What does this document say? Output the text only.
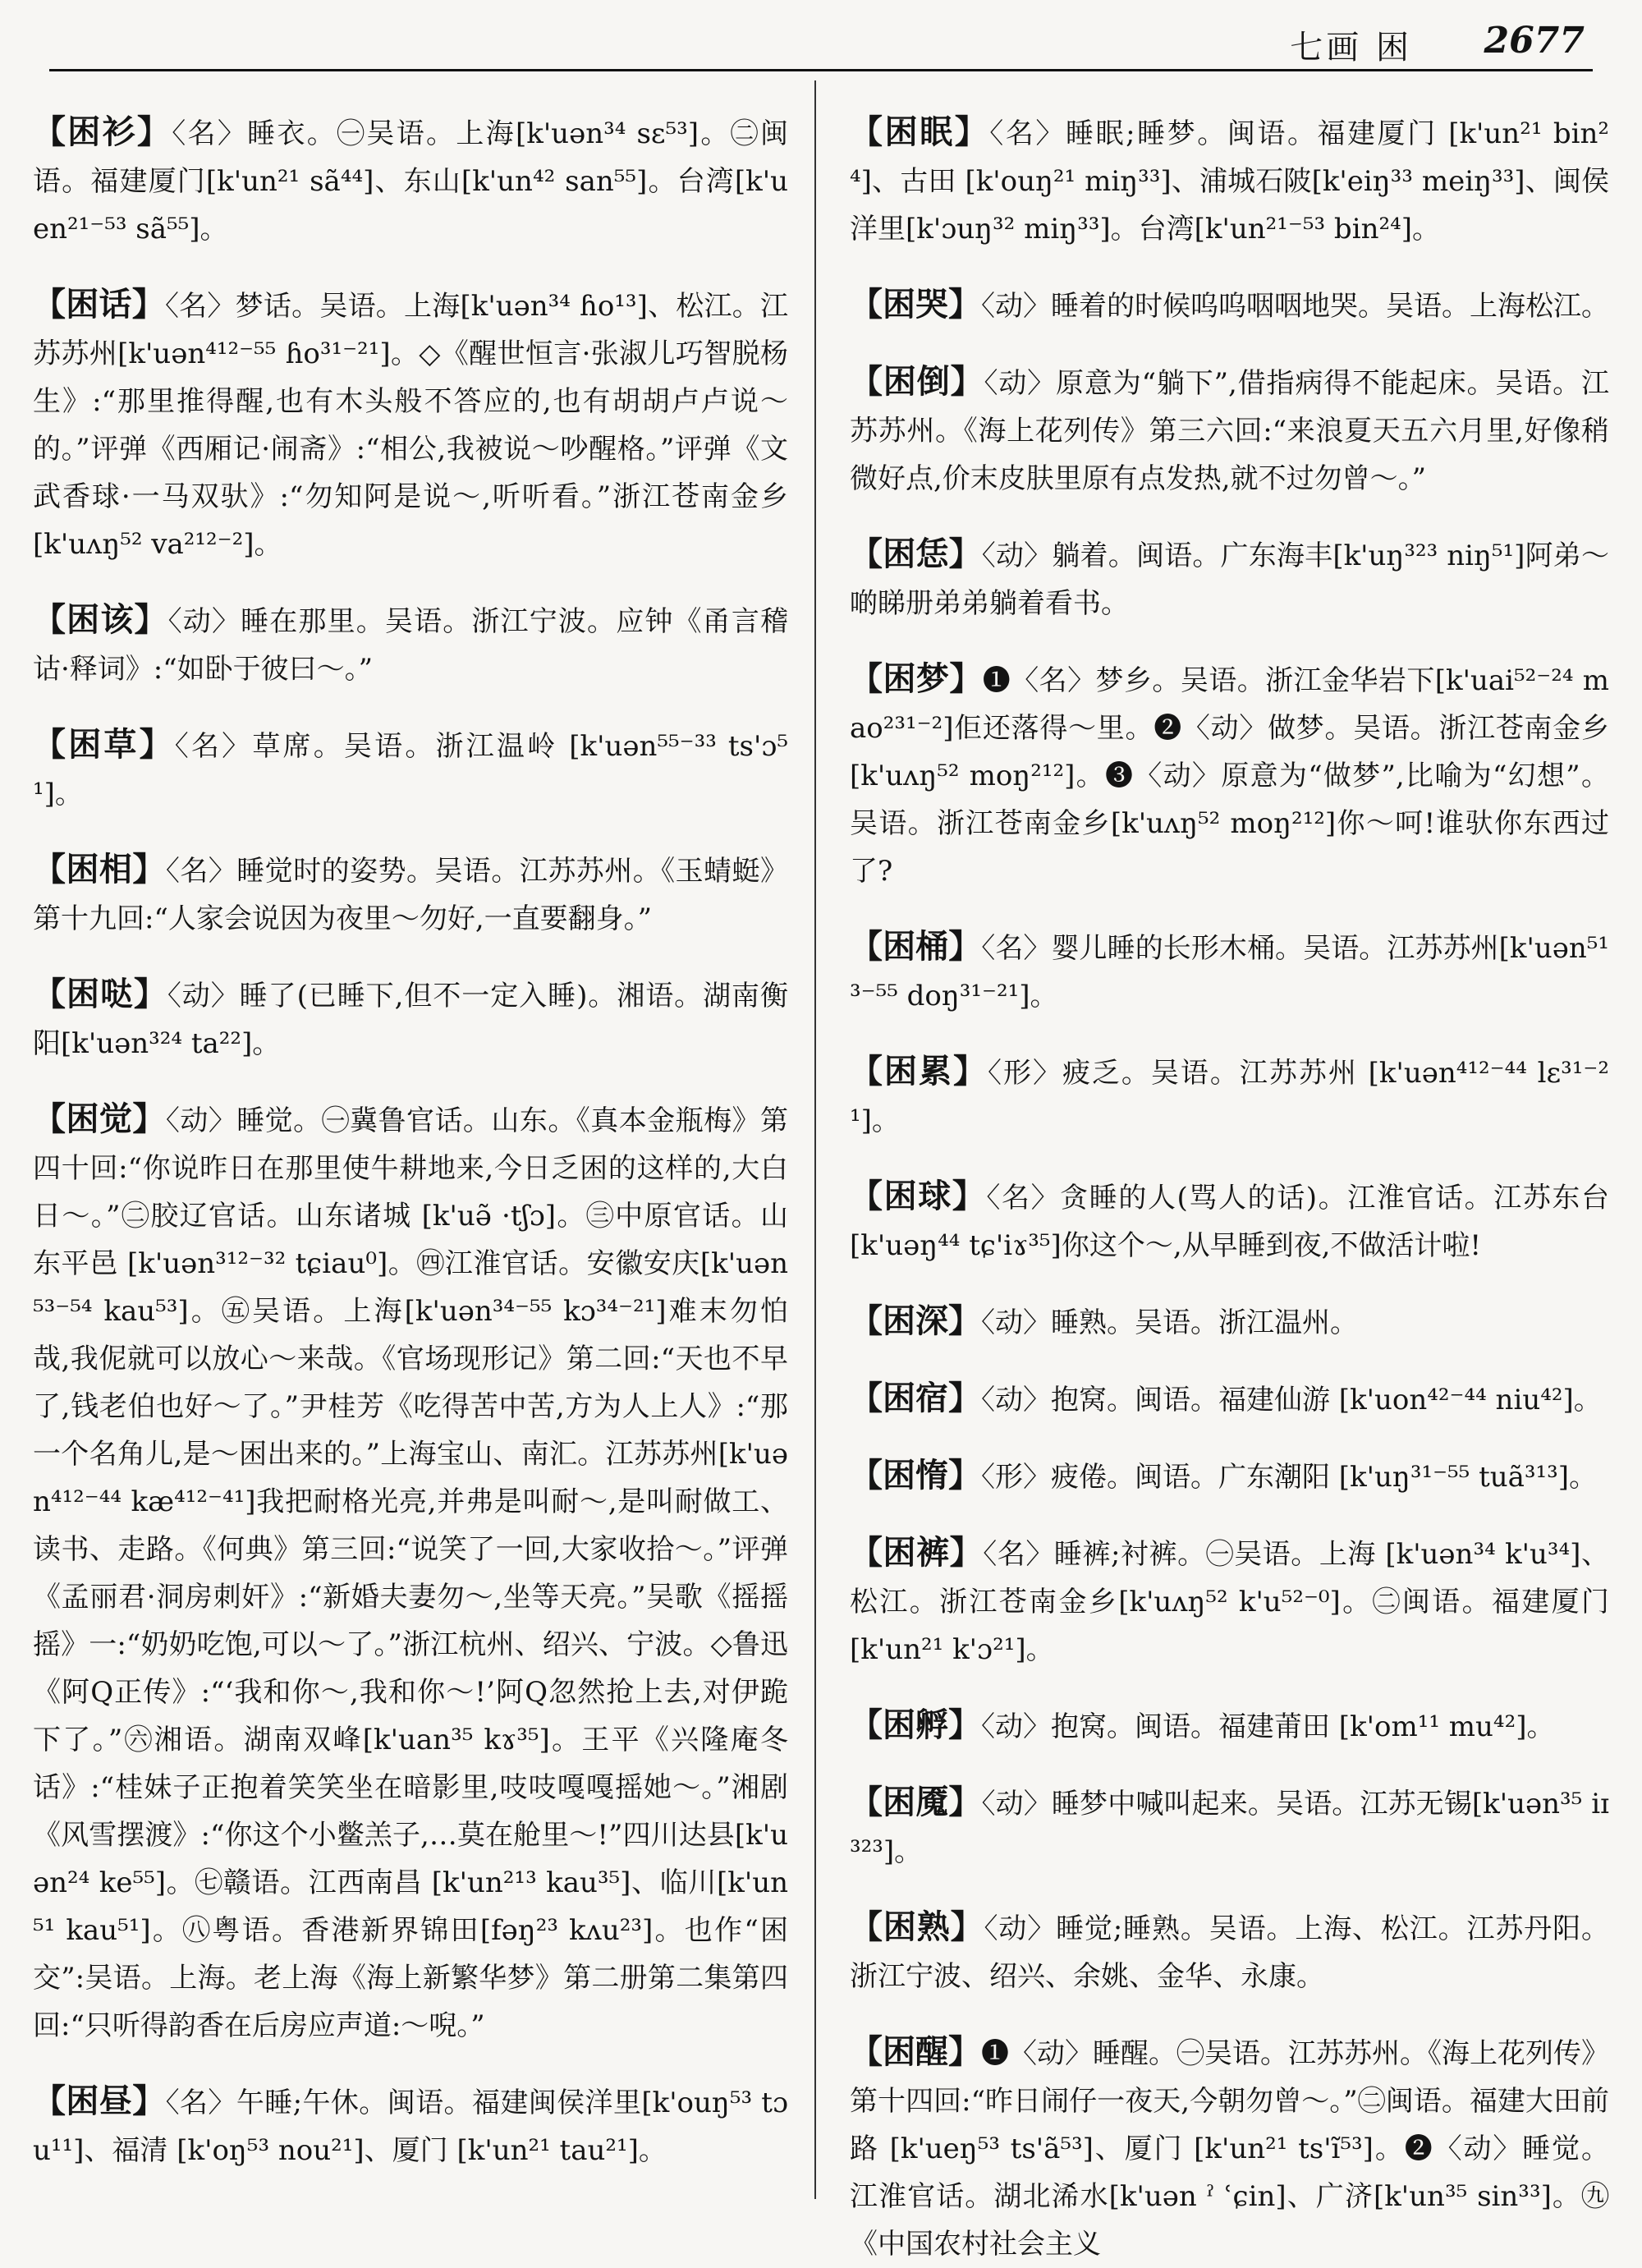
七画 困 2677

【困衫】〈名〉睡衣。㊀吴语。上海[k'uən³⁴ sɛ⁵³]。㊁闽语。福建厦门[k'un²¹ sã⁴⁴]、东山[k'un⁴² san⁵⁵]。台湾[k'uen²¹⁻⁵³ sã⁵⁵]。

【困话】〈名〉梦话。吴语。上海[k'uən³⁴ ɦo¹³]、松江。江苏苏州[k'uən⁴¹²⁻⁵⁵ ɦo³¹⁻²¹]。◇《醒世恒言·张淑儿巧智脱杨生》:“那里推得醒,也有木头般不答应的,也有胡胡卢卢说～的。”评弹《西厢记·闹斋》:“相公,我被说～吵醒格。”评弹《文武香球·一马双驮》:“勿知阿是说～,听听看。”浙江苍南金乡[k'uʌŋ⁵² va²¹²⁻²]。

【困该】〈动〉睡在那里。吴语。浙江宁波。应钟《甬言稽诂·释词》:“如卧于彼曰～。”

【困草】〈名〉草席。吴语。浙江温岭 [k'uən⁵⁵⁻³³ ts'ɔ⁵¹]。

【困相】〈名〉睡觉时的姿势。吴语。江苏苏州。《玉蜻蜓》第十九回:“人家会说因为夜里～勿好,一直要翻身。”

【困哒】〈动〉睡了(已睡下,但不一定入睡)。湘语。湖南衡阳[k'uən³²⁴ ta²²]。

【困觉】〈动〉睡觉。㊀冀鲁官话。山东。《真本金瓶梅》第四十回:“你说昨日在那里使牛耕地来,今日乏困的这样的,大白日～。”㊁胶辽官话。山东诸城 [k'uə̃ ·tʃɔ]。㊂中原官话。山东平邑 [k'uən³¹²⁻³² tɕiau⁰]。㊃江淮官话。安徽安庆[k'uən⁵³⁻⁵⁴ kau⁵³]。㊄吴语。上海[k'uən³⁴⁻⁵⁵ kɔ³⁴⁻²¹]难末勿怕哉,我伲就可以放心～来哉。《官场现形记》第二回:“天也不早了,钱老伯也好～了。”尹桂芳《吃得苦中苦,方为人上人》:“那一个名角儿,是～困出来的。”上海宝山、南汇。江苏苏州[k'uən⁴¹²⁻⁴⁴ kæ⁴¹²⁻⁴¹]我把耐格光亮,并弗是叫耐～,是叫耐做工、读书、走路。《何典》第三回:“说笑了一回,大家收拾～。”评弹《孟丽君·洞房刺奸》:“新婚夫妻勿～,坐等天亮。”吴歌《摇摇摇》一:“奶奶吃饱,可以～了。”浙江杭州、绍兴、宁波。◇鲁迅《阿Q正传》:“‘我和你～,我和你～!’阿Q忽然抢上去,对伊跪下了。”㊅湘语。湖南双峰[k'uan³⁵ kɤ³⁵]。王平《兴隆庵冬话》:“桂妹子正抱着笑笑坐在暗影里,吱吱嘎嘎摇她～。”湘剧《风雪摆渡》:“你这个小鳖羔子,…莫在舱里～!”四川达县[k'uən²⁴ ke⁵⁵]。㊆赣语。江西南昌 [k'un²¹³ kau³⁵]、临川[k'un⁵¹ kau⁵¹]。㊇粤语。香港新界锦田[fəŋ²³ kʌu²³]。也作“困交”:吴语。上海。老上海《海上新繁华梦》第二册第二集第四回:“只听得韵香在后房应声道:～唲。”

【困昼】〈名〉午睡;午休。闽语。福建闽侯洋里[k'ouŋ⁵³ tɔu¹¹]、福清 [k'oŋ⁵³ nou²¹]、厦门 [k'un²¹ tau²¹]。

【困眠】〈名〉睡眠;睡梦。闽语。福建厦门 [k'un²¹ bin²⁴]、古田 [k'ouŋ²¹ miŋ³³]、浦城石陂[k'eiŋ³³ meiŋ³³]、闽侯洋里[k'ɔuŋ³² miŋ³³]。台湾[k'un²¹⁻⁵³ bin²⁴]。

【困哭】〈动〉睡着的时候呜呜咽咽地哭。吴语。上海松江。

【困倒】〈动〉原意为“躺下”,借指病得不能起床。吴语。江苏苏州。《海上花列传》第三六回:“来浪夏天五六月里,好像稍微好点,价末皮肤里原有点发热,就不过勿曾～。”

【困恁】〈动〉躺着。闽语。广东海丰[k'uŋ³²³ niŋ⁵¹]阿弟～啲睇册弟弟躺着看书。

【困梦】❶〈名〉梦乡。吴语。浙江金华岩下[k'uai⁵²⁻²⁴ mao²³¹⁻²]佢还落得～里。❷〈动〉做梦。吴语。浙江苍南金乡 [k'uʌŋ⁵² moŋ²¹²]。❸〈动〉原意为“做梦”,比喻为“幻想”。吴语。浙江苍南金乡[k'uʌŋ⁵² moŋ²¹²]你～呵!谁驮你东西过了?

【困桶】〈名〉婴儿睡的长形木桶。吴语。江苏苏州[k'uən⁵¹³⁻⁵⁵ doŋ³¹⁻²¹]。

【困累】〈形〉疲乏。吴语。江苏苏州 [k'uən⁴¹²⁻⁴⁴ lɛ³¹⁻²¹]。

【困球】〈名〉贪睡的人(骂人的话)。江淮官话。江苏东台[k'uəŋ⁴⁴ tɕ'iɤ³⁵]你这个～,从早睡到夜,不做活计啦!

【困深】〈动〉睡熟。吴语。浙江温州。

【困宿】〈动〉抱窝。闽语。福建仙游 [k'uon⁴²⁻⁴⁴ niu⁴²]。

【困惰】〈形〉疲倦。闽语。广东潮阳 [k'uŋ³¹⁻⁵⁵ tuã³¹³]。

【困裤】〈名〉睡裤;衬裤。㊀吴语。上海 [k'uən³⁴ k'u³⁴]、松江。浙江苍南金乡[k'uʌŋ⁵² k'u⁵²⁻⁰]。㊁闽语。福建厦门[k'un²¹ k'ɔ²¹]。

【困孵】〈动〉抱窝。闽语。福建莆田 [k'om¹¹ mu⁴²]。

【困魇】〈动〉睡梦中喊叫起来。吴语。江苏无锡[k'uən³⁵ iɪ³²³]。

【困熟】〈动〉睡觉;睡熟。吴语。上海、松江。江苏丹阳。浙江宁波、绍兴、余姚、金华、永康。

【困醒】❶〈动〉睡醒。㊀吴语。江苏苏州。《海上花列传》第十四回:“昨日闹仔一夜天,今朝勿曾～。”㊁闽语。福建大田前路 [k'ueŋ⁵³ ts'ã⁵³]、厦门 [k'un²¹ ts'ĩ⁵³]。❷〈动〉睡觉。江淮官话。湖北浠水[k'uən ˀ ʿɕin]、广济[k'un³⁵ sin³³]。㊈《中国农村社会主义
